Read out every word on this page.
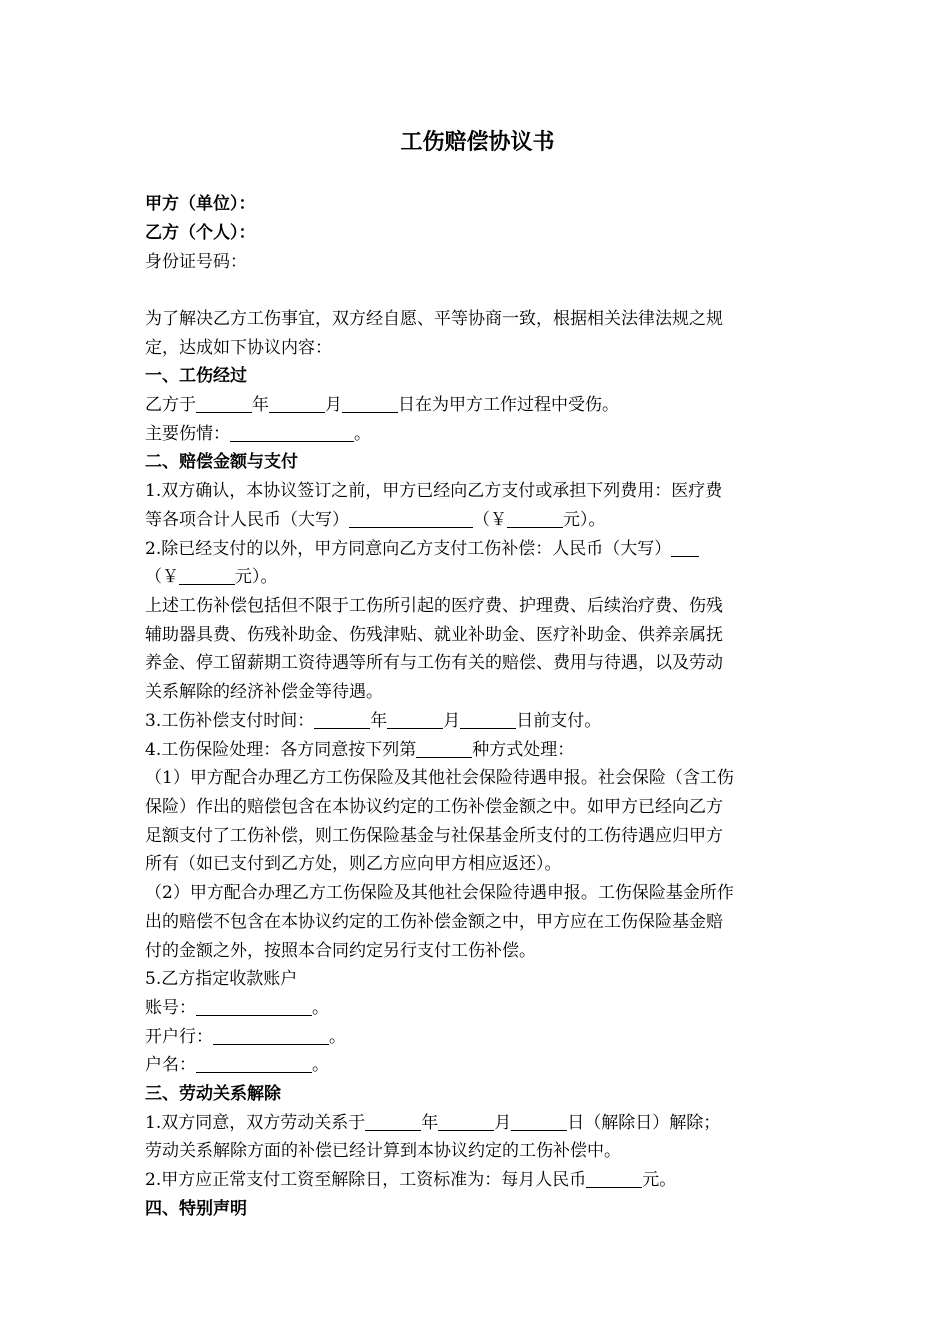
工伤赔偿协议书
甲方（单位）：
乙方（个人）：
身份证号码：
为了解决乙方工伤事宜，双方经自愿、平等协商一致，根据相关法律法规之规
定，达成如下协议内容：
一、工伤经过
乙方于	年	月	日在为甲方工作过程中受伤。
主要伤情：	。
二、赔偿金额与支付
1.双方确认，本协议签订之前，甲方已经向乙方支付或承担下列费用：医疗费
等各项合计人民币（大写）	（￥	元）。
2.除已经支付的以外，甲方同意向乙方支付工伤补偿：人民币（大写）
（￥	元）。
上述工伤补偿包括但不限于工伤所引起的医疗费、护理费、后续治疗费、伤残
辅助器具费、伤残补助金、伤残津贴、就业补助金、医疗补助金、供养亲属抚
养金、停工留薪期工资待遇等所有与工伤有关的赔偿、费用与待遇，以及劳动
关系解除的经济补偿金等待遇。
3.工伤补偿支付时间：	年	月	日前支付。
4.工伤保险处理：各方同意按下列第	种方式处理：
（1）甲方配合办理乙方工伤保险及其他社会保险待遇申报。社会保险（含工伤
保险）作出的赔偿包含在本协议约定的工伤补偿金额之中。如甲方已经向乙方
足额支付了工伤补偿，则工伤保险基金与社保基金所支付的工伤待遇应归甲方
所有（如已支付到乙方处，则乙方应向甲方相应返还）。
（2）甲方配合办理乙方工伤保险及其他社会保险待遇申报。工伤保险基金所作
出的赔偿不包含在本协议约定的工伤补偿金额之中，甲方应在工伤保险基金赔
付的金额之外，按照本合同约定另行支付工伤补偿。
5.乙方指定收款账户
账号：	。
开户行：	。
户名：	。
三、劳动关系解除
1.双方同意，双方劳动关系于	年	月	日（解除日）解除；
劳动关系解除方面的补偿已经计算到本协议约定的工伤补偿中。
2.甲方应正常支付工资至解除日，工资标准为：每月人民币	元。
四、特别声明
